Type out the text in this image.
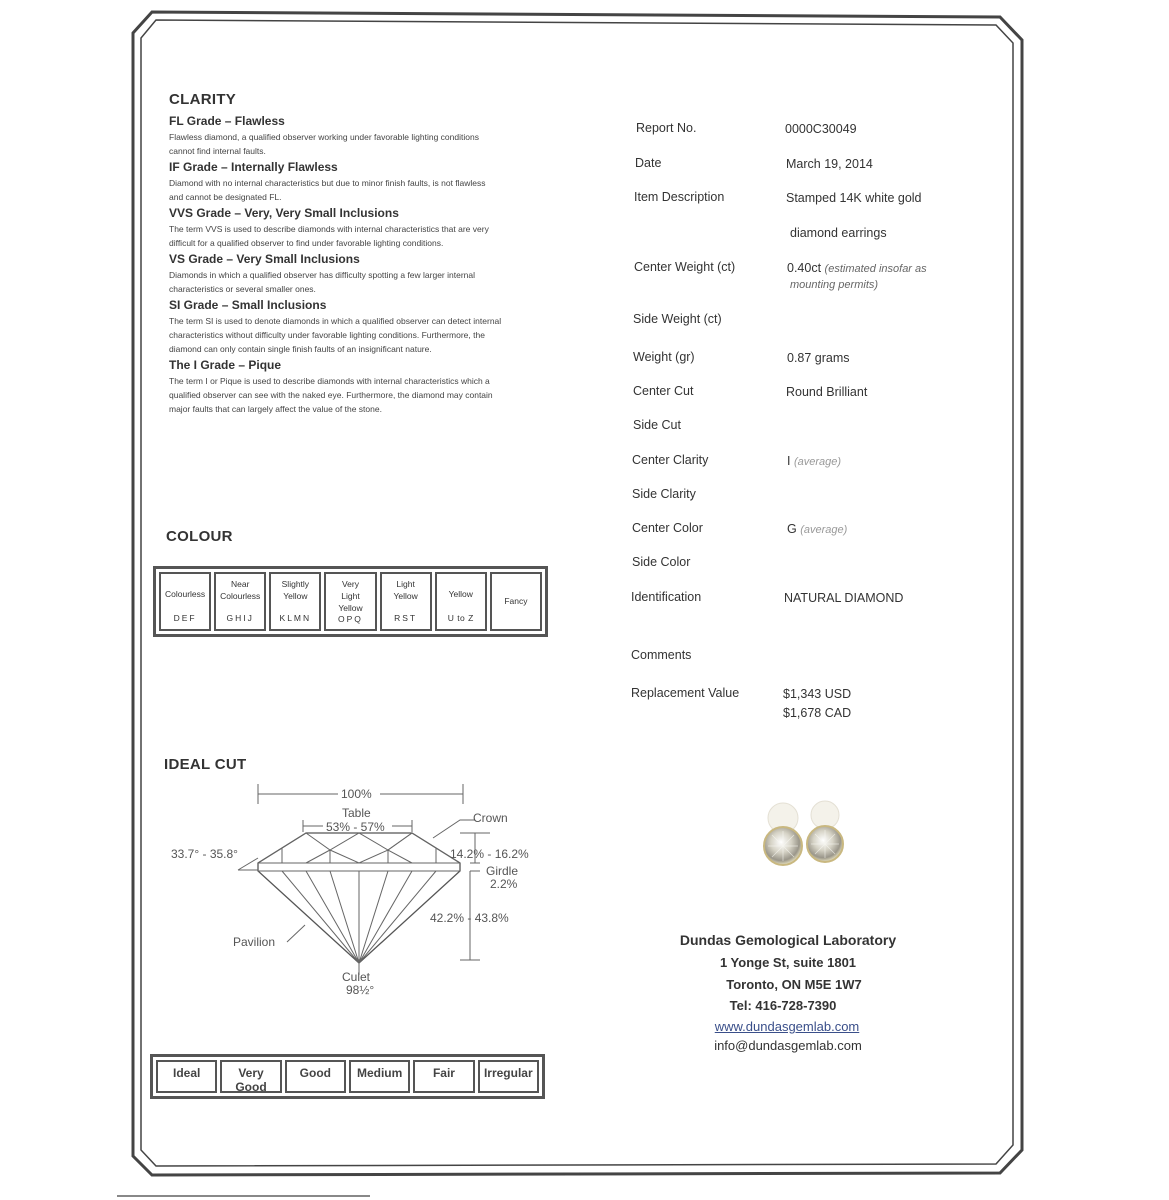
CLARITY
FL Grade – Flawless
Flawless diamond, a qualified observer working under favorable lighting conditions
cannot find internal faults.
IF Grade – Internally Flawless
Diamond with no internal characteristics but due to minor finish faults, is not flawless
and cannot be designated FL.
VVS Grade – Very, Very Small Inclusions
The term VVS is used to describe diamonds with internal characteristics that are very
difficult for a qualified observer to find under favorable lighting conditions.
VS Grade – Very Small Inclusions
Diamonds in which a qualified observer has difficulty spotting a few larger internal
characteristics or several smaller ones.
SI Grade – Small Inclusions
The term SI is used to denote diamonds in which a qualified observer can detect internal
characteristics without difficulty under favorable lighting conditions. Furthermore, the
diamond can only contain single finish faults of an insignificant nature.
The I Grade – Pique
The term I or Pique is used to describe diamonds with internal characteristics which a
qualified observer can see with the naked eye. Furthermore, the diamond may contain
major faults that can largely affect the value of the stone.
COLOUR
Colourless
DEF
Near
Colourless
GHIJ
Slightly
Yellow
KLMN
Very
Light
Yellow
OPQ
Light
Yellow
RST
Yellow
U to Z
Fancy
IDEAL CUT
100%
Table
53% - 57%
Crown
33.7° - 35.8°	14.2% - 16.2%
Girdle
2.2%
42.2% - 43.8%
Pavilion
Culet
98½°
Ideal	Very
Good
Good Medium	Fair Irregular
Report No.	0000C30049
Date	March 19, 2014
Item Description	Stamped 14K white gold
diamond earrings
Center Weight (ct)	0.40ct (estimated insofar as
mounting permits)
Side Weight (ct)
Weight (gr)	0.87 grams
Center Cut	Round Brilliant
Side Cut
Center Clarity	I (average)
Side Clarity
Center Color	G (average)
Side Color
Identification	NATURAL DIAMOND
Comments
Replacement Value	$1,343 USD
$1,678 CAD
Dundas Gemological Laboratory
1 Yonge St, suite 1801
Toronto, ON M5E 1W7
Tel: 416-728-7390
www.dundasgemlab.com
info@dundasgemlab.com
